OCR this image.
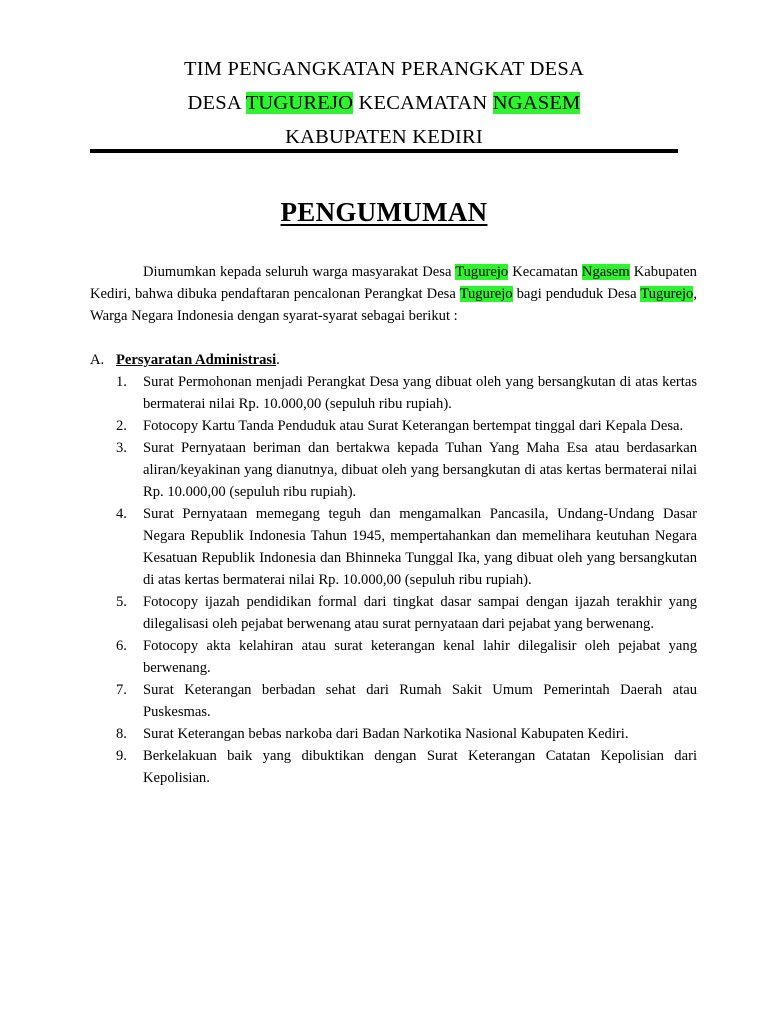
TIM PENGANGKATAN PERANGKAT DESA
DESA TUGUREJO KECAMATAN NGASEM
KABUPATEN KEDIRI
PENGUMUMAN

Diumumkan kepada seluruh warga masyarakat Desa Tugurejo Kecamatan Ngasem Kabupaten Kediri, bahwa dibuka pendaftaran pencalonan Perangkat Desa Tugurejo bagi penduduk Desa Tugurejo, Warga Negara Indonesia dengan syarat-syarat sebagai berikut :

A. Persyaratan Administrasi.
1. Surat Permohonan menjadi Perangkat Desa yang dibuat oleh yang bersangkutan di atas kertas bermaterai nilai Rp. 10.000,00 (sepuluh ribu rupiah).
2. Fotocopy Kartu Tanda Penduduk atau Surat Keterangan bertempat tinggal dari Kepala Desa.
3. Surat Pernyataan beriman dan bertakwa kepada Tuhan Yang Maha Esa atau berdasarkan aliran/keyakinan yang dianutnya, dibuat oleh yang bersangkutan di atas kertas bermaterai nilai Rp. 10.000,00 (sepuluh ribu rupiah).
4. Surat Pernyataan memegang teguh dan mengamalkan Pancasila, Undang-Undang Dasar Negara Republik Indonesia Tahun 1945, mempertahankan dan memelihara keutuhan Negara Kesatuan Republik Indonesia dan Bhinneka Tunggal Ika, yang dibuat oleh yang bersangkutan di atas kertas bermaterai nilai Rp. 10.000,00 (sepuluh ribu rupiah).
5. Fotocopy ijazah pendidikan formal dari tingkat dasar sampai dengan ijazah terakhir yang dilegalisasi oleh pejabat berwenang atau surat pernyataan dari pejabat yang berwenang.
6. Fotocopy akta kelahiran atau surat keterangan kenal lahir dilegalisir oleh pejabat yang berwenang.
7. Surat Keterangan berbadan sehat dari Rumah Sakit Umum Pemerintah Daerah atau Puskesmas.
8. Surat Keterangan bebas narkoba dari Badan Narkotika Nasional Kabupaten Kediri.
9. Berkelakuan baik yang dibuktikan dengan Surat Keterangan Catatan Kepolisian dari Kepolisian.
